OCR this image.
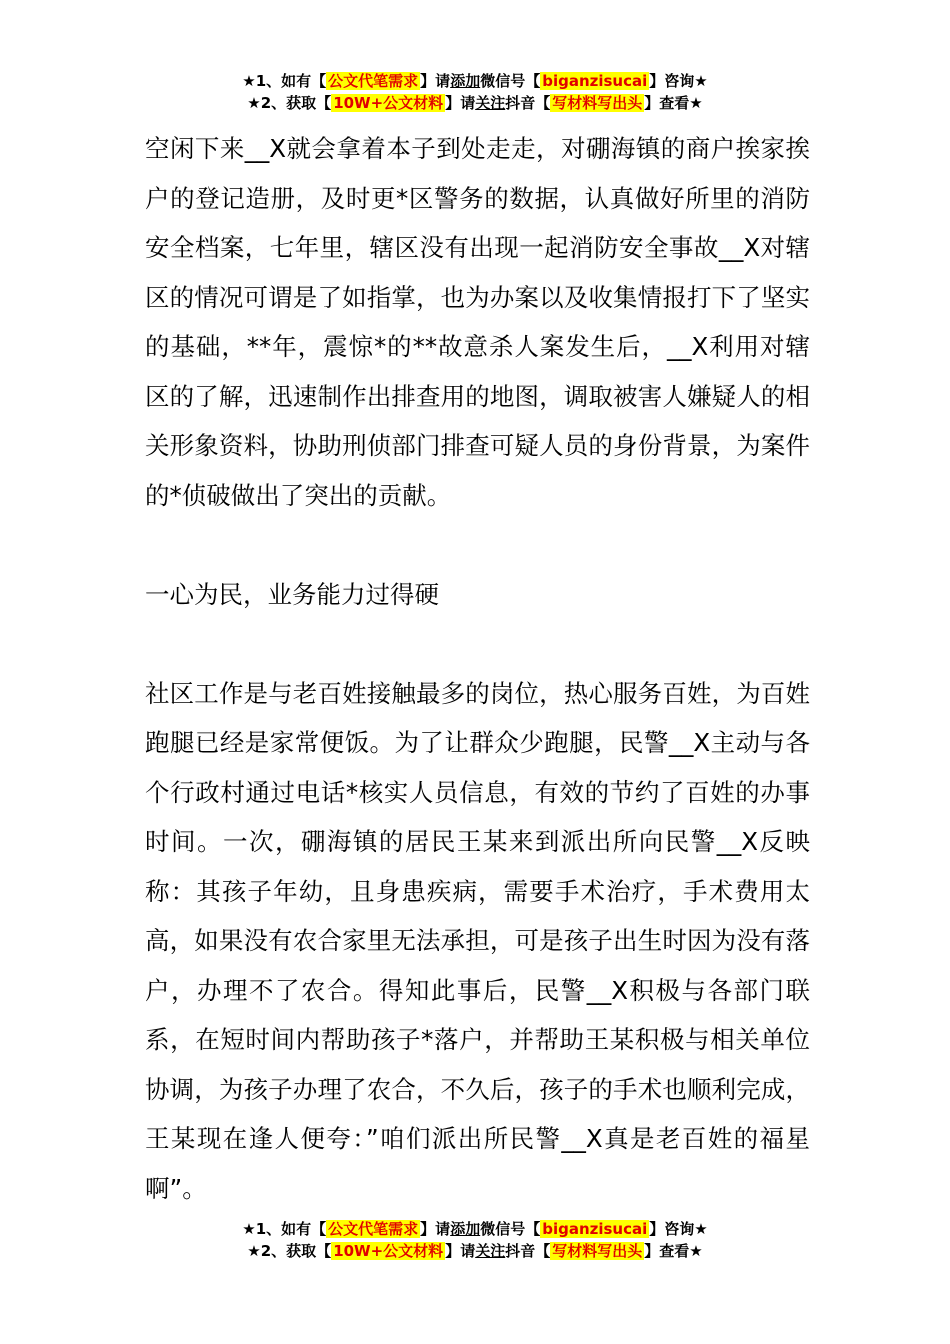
★1、如有【 公文代笔需求 】请添加微信号【 biganzisucai 】咨询★
★2、获取【 10W+公文材料 】请关注抖音【 写材料写出头 】查看★

空闲下来__X就会拿着本子到处走走，对硼海镇的商户挨家挨户的登记造册，及时更*区警务的数据，认真做好所里的消防安全档案，七年里，辖区没有出现一起消防安全事故__X对辖区的情况可谓是了如指掌，也为办案以及收集情报打下了坚实的基础，**年，震惊*的**故意杀人案发生后，__X利用对辖区的了解，迅速制作出排查用的地图，调取被害人嫌疑人的相关形象资料，协助刑侦部门排查可疑人员的身份背景，为案件的*侦破做出了突出的贡献。

一心为民，业务能力过得硬

社区工作是与老百姓接触最多的岗位，热心服务百姓，为百姓跑腿已经是家常便饭。为了让群众少跑腿，民警__X主动与各个行政村通过电话*核实人员信息，有效的节约了百姓的办事时间。一次，硼海镇的居民王某来到派出所向民警__X反映称：其孩子年幼，且身患疾病，需要手术治疗，手术费用太高，如果没有农合家里无法承担，可是孩子出生时因为没有落户，办理不了农合。得知此事后，民警__X积极与各部门联系，在短时间内帮助孩子*落户，并帮助王某积极与相关单位协调，为孩子办理了农合，不久后，孩子的手术也顺利完成，王某现在逢人便夸：”咱们派出所民警__X真是老百姓的福星啊”。

★1、如有【 公文代笔需求 】请添加微信号【 biganzisucai 】咨询★
★2、获取【 10W+公文材料 】请关注抖音【 写材料写出头 】查看★
